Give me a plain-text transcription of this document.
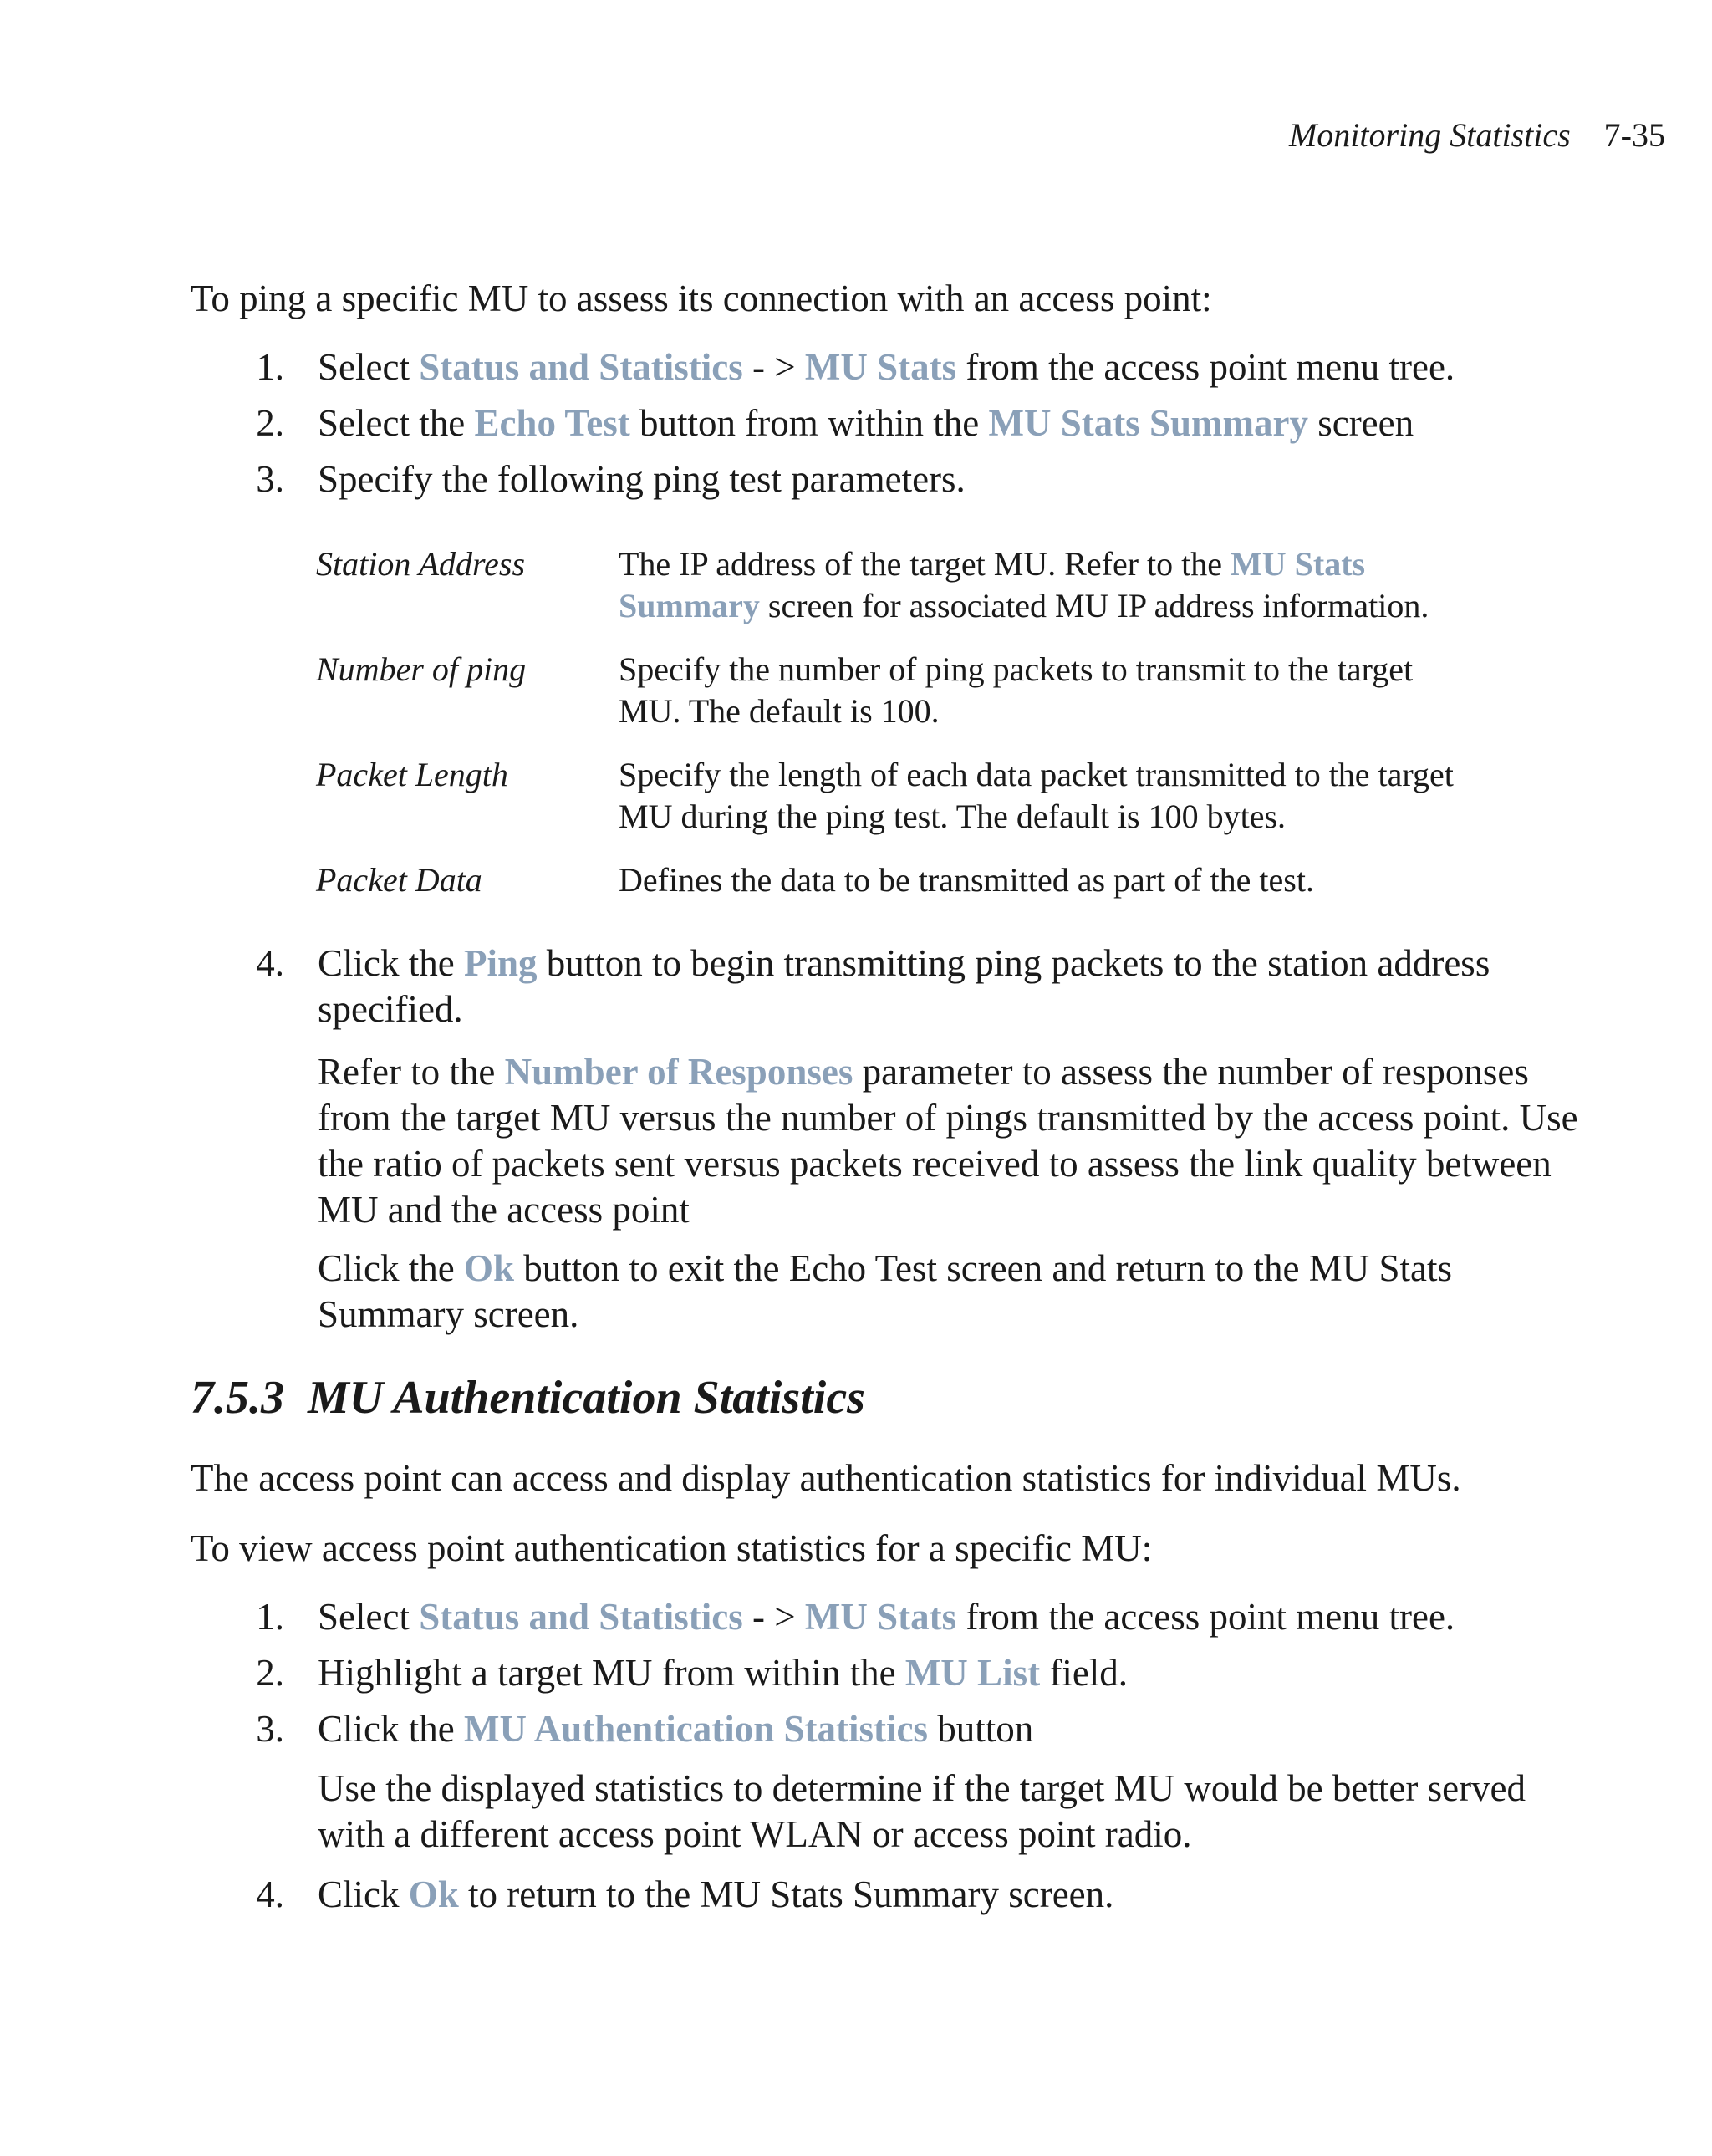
Monitoring Statistics 7-35

To ping a specific MU to assess its connection with an access point:

1. Select Status and Statistics - > MU Stats from the access point menu tree.

2. Select the Echo Test button from within the MU Stats Summary screen

3. Specify the following ping test parameters.

Station Address	The IP address of the target MU. Refer to the MU Stats Summary screen for associated MU IP address information.
Number of ping	Specify the number of ping packets to transmit to the target MU. The default is 100.
Packet Length	Specify the length of each data packet transmitted to the target MU during the ping test. The default is 100 bytes.
Packet Data	Defines the data to be transmitted as part of the test.
4. Click the Ping button to begin transmitting ping packets to the station address specified.

Refer to the Number of Responses parameter to assess the number of responses from the target MU versus the number of pings transmitted by the access point. Use the ratio of packets sent versus packets received to assess the link quality between MU and the access point

Click the Ok button to exit the Echo Test screen and return to the MU Stats Summary screen.

7.5.3 MU Authentication Statistics

The access point can access and display authentication statistics for individual MUs.

To view access point authentication statistics for a specific MU:

1. Select Status and Statistics - > MU Stats from the access point menu tree.

2. Highlight a target MU from within the MU List field.

3. Click the MU Authentication Statistics button

Use the displayed statistics to determine if the target MU would be better served with a different access point WLAN or access point radio.

4. Click Ok to return to the MU Stats Summary screen.
